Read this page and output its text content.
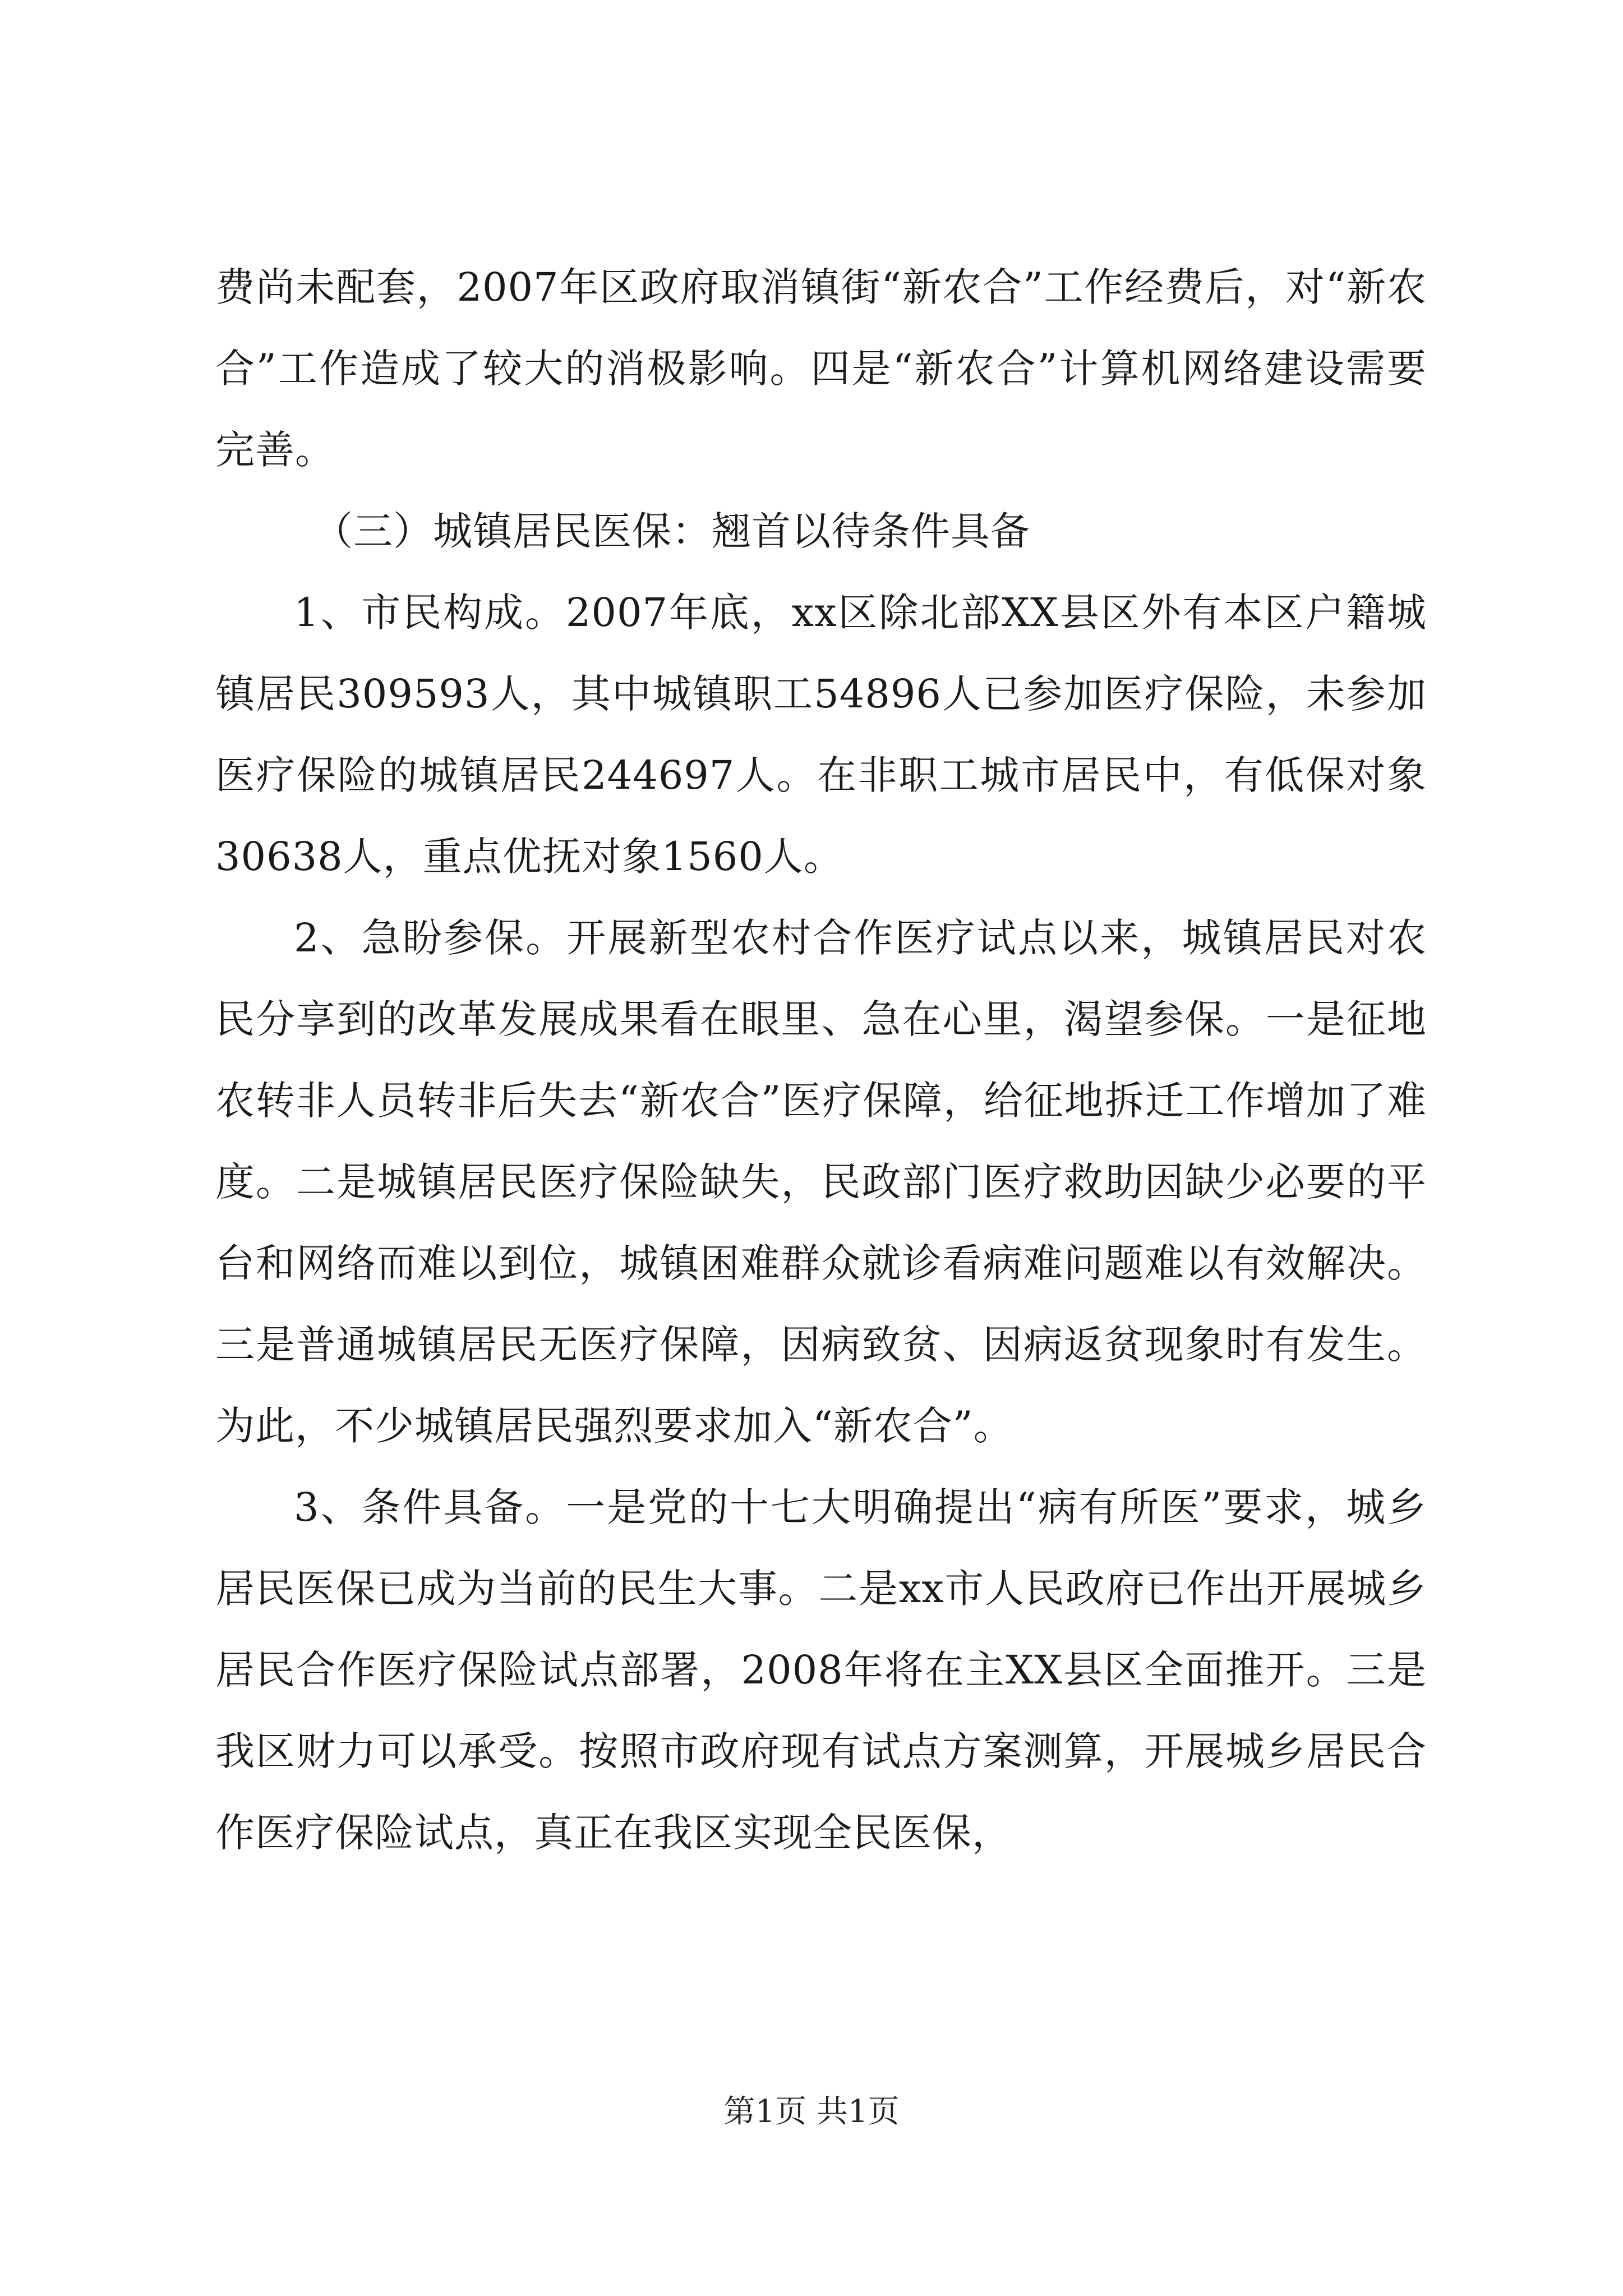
费尚未配套，2007年区政府取消镇街“新农合”工作经费后，对“新农合”工作造成了较大的消极影响。四是“新农合”计算机网络建设需要完善。

（三）城镇居民医保：翘首以待条件具备

1、市民构成。2007年底，xx区除北部XX县区外有本区户籍城镇居民309593人，其中城镇职工54896人已参加医疗保险，未参加医疗保险的城镇居民244697人。在非职工城市居民中，有低保对象30638人，重点优抚对象1560人。

2、急盼参保。开展新型农村合作医疗试点以来，城镇居民对农民分享到的改革发展成果看在眼里、急在心里，渴望参保。一是征地农转非人员转非后失去“新农合”医疗保障，给征地拆迁工作增加了难度。二是城镇居民医疗保险缺失，民政部门医疗救助因缺少必要的平台和网络而难以到位，城镇困难群众就诊看病难问题难以有效解决。三是普通城镇居民无医疗保障，因病致贫、因病返贫现象时有发生。为此，不少城镇居民强烈要求加入“新农合”。

3、条件具备。一是党的十七大明确提出“病有所医”要求，城乡居民医保已成为当前的民生大事。二是xx市人民政府已作出开展城乡居民合作医疗保险试点部署，2008年将在主XX县区全面推开。三是我区财力可以承受。按照市政府现有试点方案测算，开展城乡居民合作医疗保险试点，真正在我区实现全民医保，

第1页 共1页
